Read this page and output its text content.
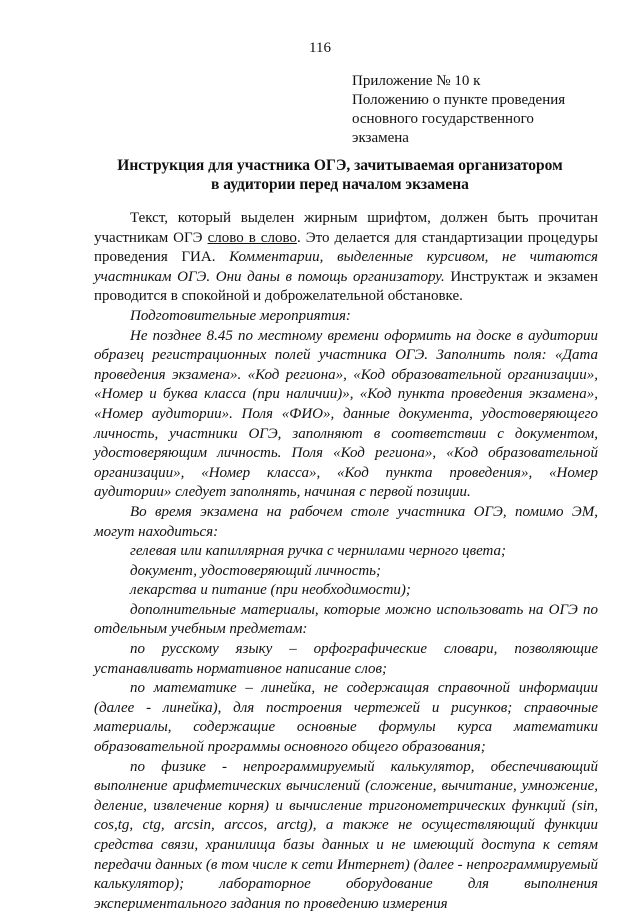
116
Приложение № 10 к
Положению о пункте проведения
основного государственного
экзамена
Инструкция для участника ОГЭ, зачитываемая организатором
в аудитории перед началом экзамена

Текст, который выделен жирным шрифтом, должен быть прочитан участникам ОГЭ слово в слово. Это делается для стандартизации процедуры проведения ГИА. Комментарии, выделенные курсивом, не читаются участникам ОГЭ. Они даны в помощь организатору. Инструктаж и экзамен проводится в спокойной и доброжелательной обстановке.

Подготовительные мероприятия:

Не позднее 8.45 по местному времени оформить на доске в аудитории образец регистрационных полей участника ОГЭ. Заполнить поля: «Дата проведения экзамена». «Код региона», «Код образовательной организации», «Номер и буква класса (при наличии)», «Код пункта проведения экзамена», «Номер аудитории». Поля «ФИО», данные документа, удостоверяющего личность, участники ОГЭ, заполняют в соответствии с документом, удостоверяющим личность. Поля «Код региона», «Код образовательной организации», «Номер класса», «Код пункта проведения», «Номер аудитории» следует заполнять, начиная с первой позиции.

Во время экзамена на рабочем столе участника ОГЭ, помимо ЭМ, могут находиться:

гелевая или капиллярная ручка с чернилами черного цвета;

документ, удостоверяющий личность;

лекарства и питание (при необходимости);

дополнительные материалы, которые можно использовать на ОГЭ по отдельным учебным предметам:

по русскому языку – орфографические словари, позволяющие устанавливать нормативное написание слов;

по математике – линейка, не содержащая справочной информации (далее - линейка), для построения чертежей и рисунков; справочные материалы, содержащие основные формулы курса математики образовательной программы основного общего образования;

по физике - непрограммируемый калькулятор, обеспечивающий выполнение арифметических вычислений (сложение, вычитание, умножение, деление, извлечение корня) и вычисление тригонометрических функций (sin, cos,tg, ctg, arcsin, arccos, arctg), а также не осуществляющий функции средства связи, хранилища базы данных и не имеющий доступа к сетям передачи данных (в том числе к сети Интернет) (далее - непрограммируемый калькулятор); лабораторное оборудование для выполнения экспериментального задания по проведению измерения
